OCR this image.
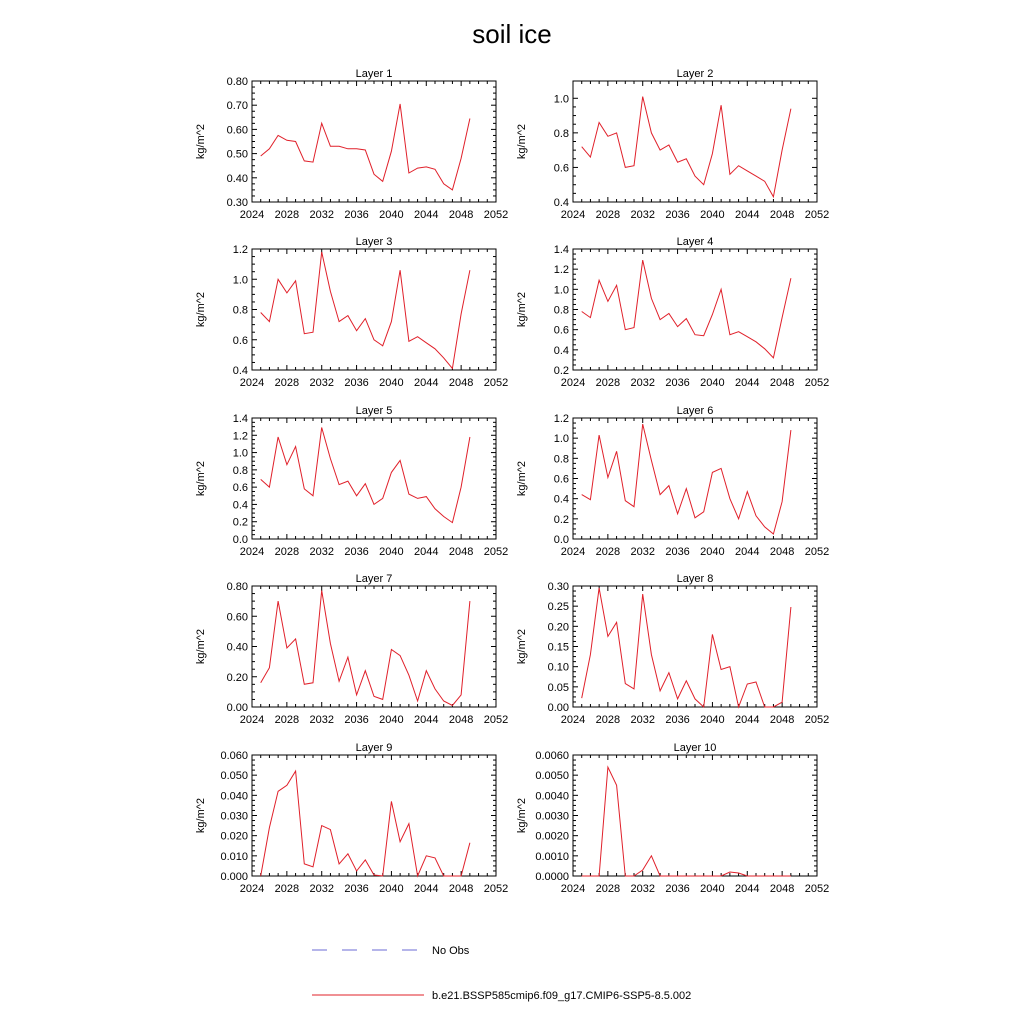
soil ice
Layer 1
kg/m^2
2024 2028 2032 2036 2040 2044 2048 2052
0.30
0.40
0.50
0.60
0.70
0.80
Layer 2
kg/m^2
2024 2028 2032 2036 2040 2044 2048 2052
0.4
0.6
0.8
1.0
Layer 3
kg/m^2
2024 2028 2032 2036 2040 2044 2048 2052
0.4
0.6
0.8
1.0
1.2
Layer 4
kg/m^2
2024 2028 2032 2036 2040 2044 2048 2052
0.2
0.4
0.6
0.8
1.0
1.2
1.4
Layer 5
kg/m^2
2024 2028 2032 2036 2040 2044 2048 2052
0.0
0.2
0.4
0.6
0.8
1.0
1.2
1.4
Layer 6
kg/m^2
2024 2028 2032 2036 2040 2044 2048 2052
0.0
0.2
0.4
0.6
0.8
1.0
1.2
Layer 7
kg/m^2
2024 2028 2032 2036 2040 2044 2048 2052
0.00
0.20
0.40
0.60
0.80
Layer 8
kg/m^2
2024 2028 2032 2036 2040 2044 2048 2052
0.00
0.05
0.10
0.15
0.20
0.25
0.30
Layer 9
kg/m^2
2024 2028 2032 2036 2040 2044 2048 2052
0.000
0.010
0.020
0.030
0.040
0.050
0.060
Layer 10
kg/m^2
2024 2028 2032 2036 2040 2044 2048 2052
0.0000
0.0010
0.0020
0.0030
0.0040
0.0050
0.0060
No Obs
b.e21.BSSP585cmip6.f09_g17.CMIP6-SSP5-8.5.002
